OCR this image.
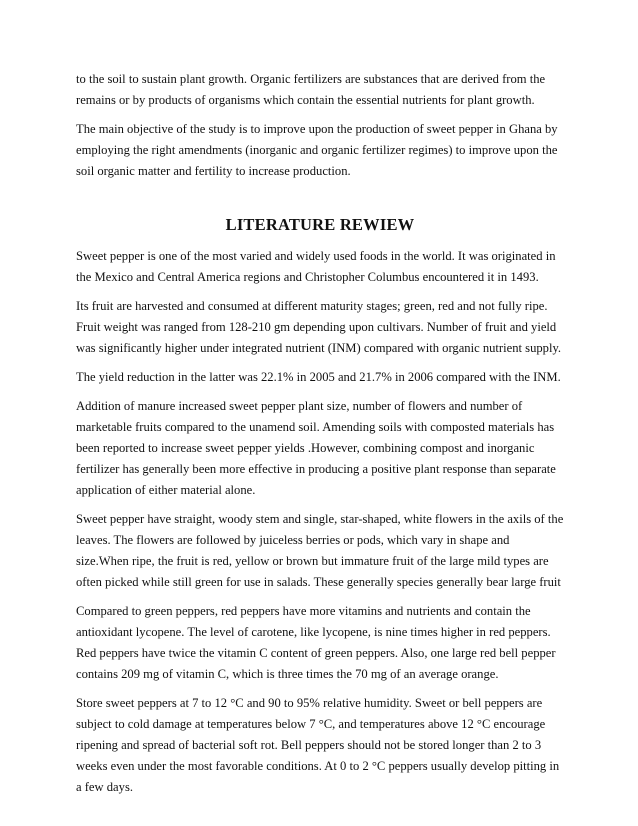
to the soil to sustain plant growth. Organic fertilizers are substances that are derived from the remains or by products of organisms which contain the essential nutrients for plant growth.

The main objective of the study is to improve upon the production of sweet pepper in Ghana by employing the right amendments (inorganic and organic fertilizer regimes) to improve upon the soil organic matter and fertility to increase production.

LITERATURE REWIEW

Sweet pepper is one of the most varied and widely used foods in the world. It was originated in the Mexico and Central America regions and Christopher Columbus encountered it in 1493.

Its fruit are harvested and consumed at different maturity stages; green, red and not fully ripe. Fruit weight was ranged from 128-210 gm depending upon cultivars. Number of fruit and yield was significantly higher under integrated nutrient (INM) compared with organic nutrient supply.

The yield reduction in the latter was 22.1% in 2005 and 21.7% in 2006 compared with the INM.

Addition of manure increased sweet pepper plant size, number of flowers and number of marketable fruits compared to the unamend soil. Amending soils with composted materials has been reported to increase sweet pepper yields .However, combining compost and inorganic fertilizer has generally been more effective in producing a positive plant response than separate application of either material alone.

Sweet pepper have straight, woody stem and single, star-shaped, white flowers in the axils of the leaves. The flowers are followed by juiceless berries or pods, which vary in shape and size.When ripe, the fruit is red, yellow or brown but immature fruit of the large mild types are often picked while still green for use in salads. These generally species generally bear large fruit

Compared to green peppers, red peppers have more vitamins and nutrients and contain the antioxidant lycopene. The level of carotene, like lycopene, is nine times higher in red peppers. Red peppers have twice the vitamin C content of green peppers. Also, one large red bell pepper contains 209 mg of vitamin C, which is three times the 70 mg of an average orange.

Store sweet peppers at 7 to 12 °C and 90 to 95% relative humidity. Sweet or bell peppers are subject to cold damage at temperatures below 7 °C, and temperatures above 12 °C encourage ripening and spread of bacterial soft rot. Bell peppers should not be stored longer than 2 to 3 weeks even under the most favorable conditions. At 0 to 2 °C peppers usually develop pitting in a few days.
